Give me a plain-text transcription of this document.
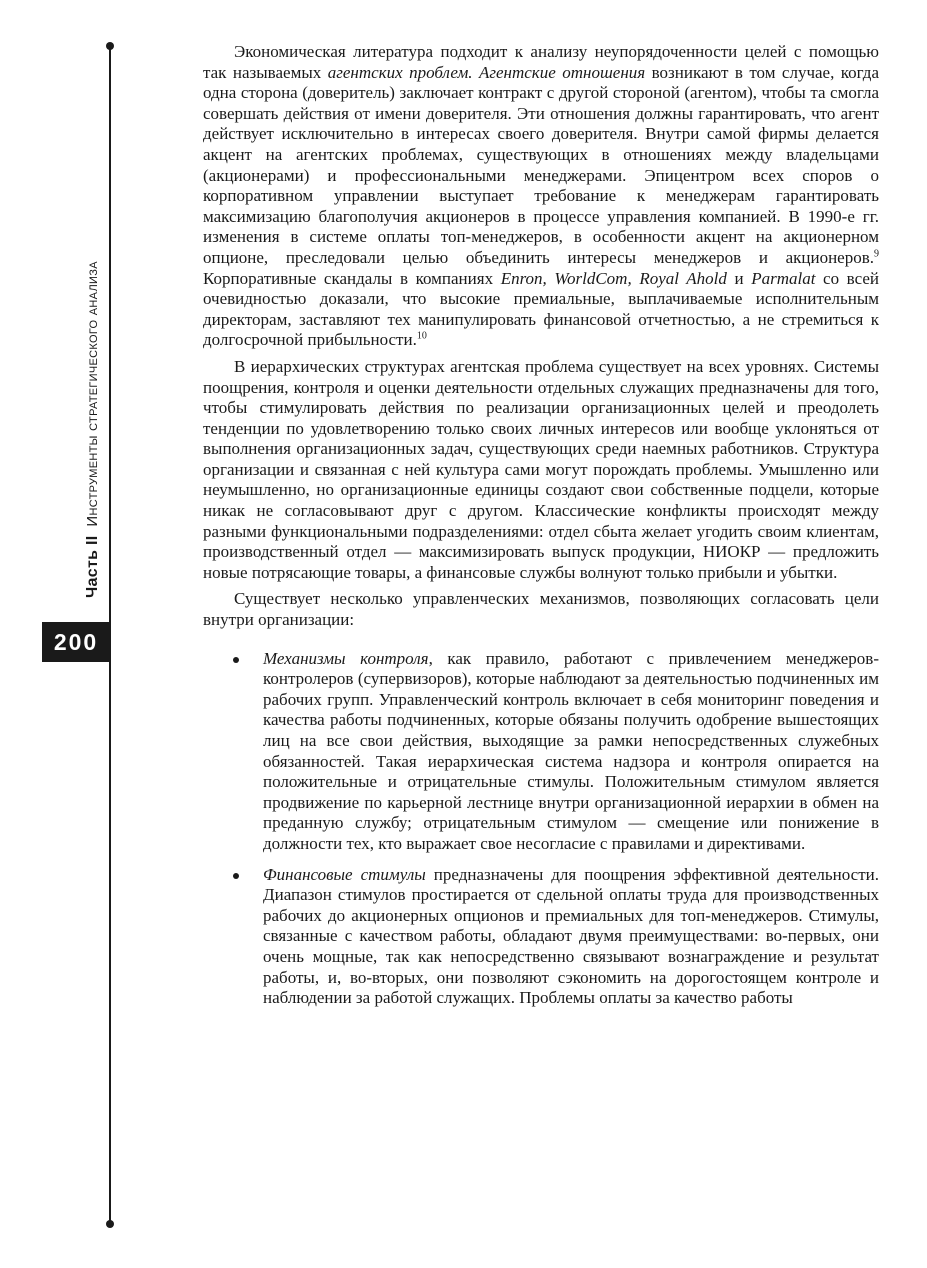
Часть II  Инструменты стратегического анализа
200

Экономическая литература подходит к анализу неупорядоченности целей с помощью так называемых агентских проблем. Агентские отношения возникают в том случае, когда одна сторона (доверитель) заключает контракт с другой стороной (агентом), чтобы та смогла совершать действия от имени доверителя. Эти отношения должны гарантировать, что агент действует исключительно в интересах своего доверителя. Внутри самой фирмы делается акцент на агентских проблемах, существующих в отношениях между владельцами (акционерами) и профессиональными менеджерами. Эпицентром всех споров о корпоративном управлении выступает требование к менеджерам гарантировать максимизацию благополучия акционеров в процессе управления компанией. В 1990-е гг. изменения в системе оплаты топ-менеджеров, в особенности акцент на акционерном опционе, преследовали целью объединить интересы менеджеров и акционеров.$^9$ Корпоративные скандалы в компаниях Enron, WorldCom, Royal Ahold и Parmalat со всей очевидностью доказали, что высокие премиальные, выплачиваемые исполнительным директорам, заставляют тех манипулировать финансовой отчетностью, а не стремиться к долгосрочной прибыльности.$^{10}$

В иерархических структурах агентская проблема существует на всех уровнях. Системы поощрения, контроля и оценки деятельности отдельных служащих предназначены для того, чтобы стимулировать действия по реализации организационных целей и преодолеть тенденции по удовлетворению только своих личных интересов или вообще уклоняться от выполнения организационных задач, существующих среди наемных работников. Структура организации и связанная с ней культура сами могут порождать проблемы. Умышленно или неумышленно, но организационные единицы создают свои собственные подцели, которые никак не согласовывают друг с другом. Классические конфликты происходят между разными функциональными подразделениями: отдел сбыта желает угодить своим клиентам, производственный отдел — максимизировать выпуск продукции, НИОКР — предложить новые потрясающие товары, а финансовые службы волнуют только прибыли и убытки.

Существует несколько управленческих механизмов, позволяющих согласовать цели внутри организации:

Механизмы контроля, как правило, работают с привлечением менеджеров-контролеров (супервизоров), которые наблюдают за деятельностью подчиненных им рабочих групп. Управленческий контроль включает в себя мониторинг поведения и качества работы подчиненных, которые обязаны получить одобрение вышестоящих лиц на все свои действия, выходящие за рамки непосредственных служебных обязанностей. Такая иерархическая система надзора и контроля опирается на положительные и отрицательные стимулы. Положительным стимулом является продвижение по карьерной лестнице внутри организационной иерархии в обмен на преданную службу; отрицательным стимулом — смещение или понижение в должности тех, кто выражает свое несогласие с правилами и директивами.
Финансовые стимулы предназначены для поощрения эффективной деятельности. Диапазон стимулов простирается от сдельной оплаты труда для производственных рабочих до акционерных опционов и премиальных для топ-менеджеров. Стимулы, связанные с качеством работы, обладают двумя преимуществами: во-первых, они очень мощные, так как непосредственно связывают вознаграждение и результат работы, и, во-вторых, они позволяют сэкономить на дорогостоящем контроле и наблюдении за работой служащих. Проблемы оплаты за качество работы
